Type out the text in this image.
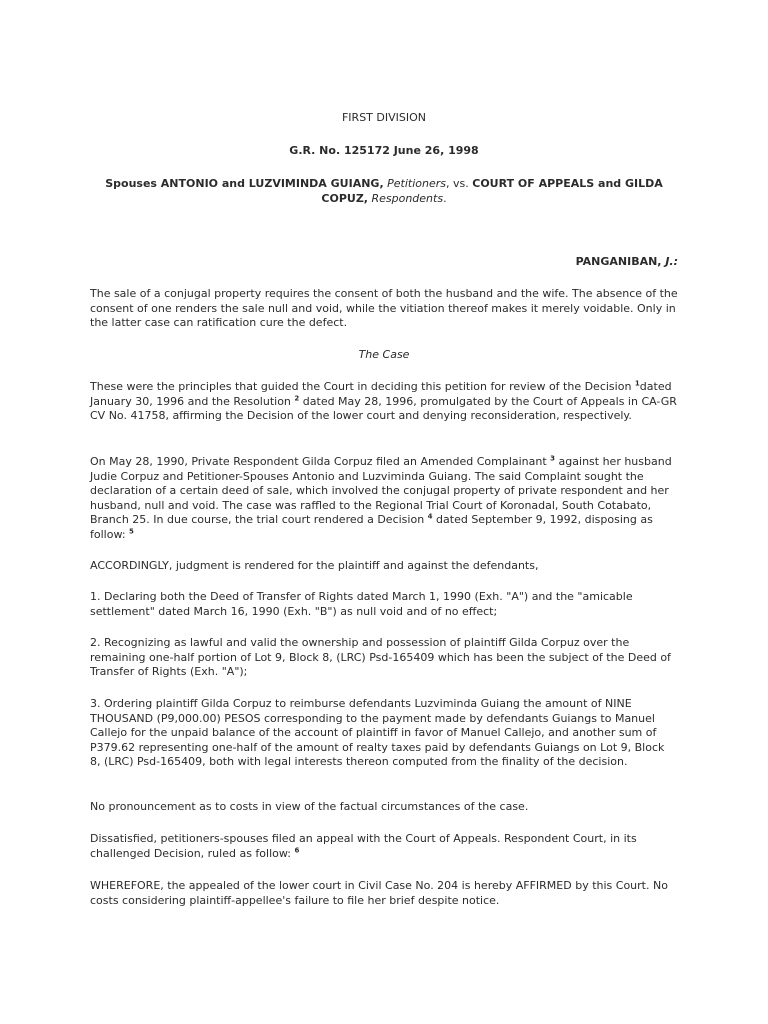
FIRST DIVISION
G.R. No. 125172 June 26, 1998
Spouses ANTONIO and LUZVIMINDA GUIANG, Petitioners, vs. COURT OF APPEALS and GILDA
COPUZ, Respondents.
PANGANIBAN, J.:

The sale of a conjugal property requires the consent of both the husband and the wife. The absence of the consent of one renders the sale null and void, while the vitiation thereof makes it merely voidable. Only in the latter case can ratification cure the defect.

The Case

These were the principles that guided the Court in deciding this petition for review of the Decision $^1$dated January 30, 1996 and the Resolution $^2$ dated May 28, 1996, promulgated by the Court of Appeals in CA-GR CV No. 41758, affirming the Decision of the lower court and denying reconsideration, respectively.

On May 28, 1990, Private Respondent Gilda Corpuz filed an Amended Complainant $^3$ against her husband Judie Corpuz and Petitioner-Spouses Antonio and Luzviminda Guiang. The said Complaint sought the declaration of a certain deed of sale, which involved the conjugal property of private respondent and her husband, null and void. The case was raffled to the Regional Trial Court of Koronadal, South Cotabato, Branch 25. In due course, the trial court rendered a Decision $^4$ dated September 9, 1992, disposing as follow: $^5$

ACCORDINGLY, judgment is rendered for the plaintiff and against the defendants,

1. Declaring both the Deed of Transfer of Rights dated March 1, 1990 (Exh. "A") and the "amicable settlement" dated March 16, 1990 (Exh. "B") as null void and of no effect;

2. Recognizing as lawful and valid the ownership and possession of plaintiff Gilda Corpuz over the remaining one-half portion of Lot 9, Block 8, (LRC) Psd-165409 which has been the subject of the Deed of Transfer of Rights (Exh. "A");

3. Ordering plaintiff Gilda Corpuz to reimburse defendants Luzviminda Guiang the amount of NINE THOUSAND (P9,000.00) PESOS corresponding to the payment made by defendants Guiangs to Manuel Callejo for the unpaid balance of the account of plaintiff in favor of Manuel Callejo, and another sum of P379.62 representing one-half of the amount of realty taxes paid by defendants Guiangs on Lot 9, Block 8, (LRC) Psd-165409, both with legal interests thereon computed from the finality of the decision.

No pronouncement as to costs in view of the factual circumstances of the case.

Dissatisfied, petitioners-spouses filed an appeal with the Court of Appeals. Respondent Court, in its challenged Decision, ruled as follow: $^6$

WHEREFORE, the appealed of the lower court in Civil Case No. 204 is hereby AFFIRMED by this Court. No costs considering plaintiff-appellee's failure to file her brief despite notice.
